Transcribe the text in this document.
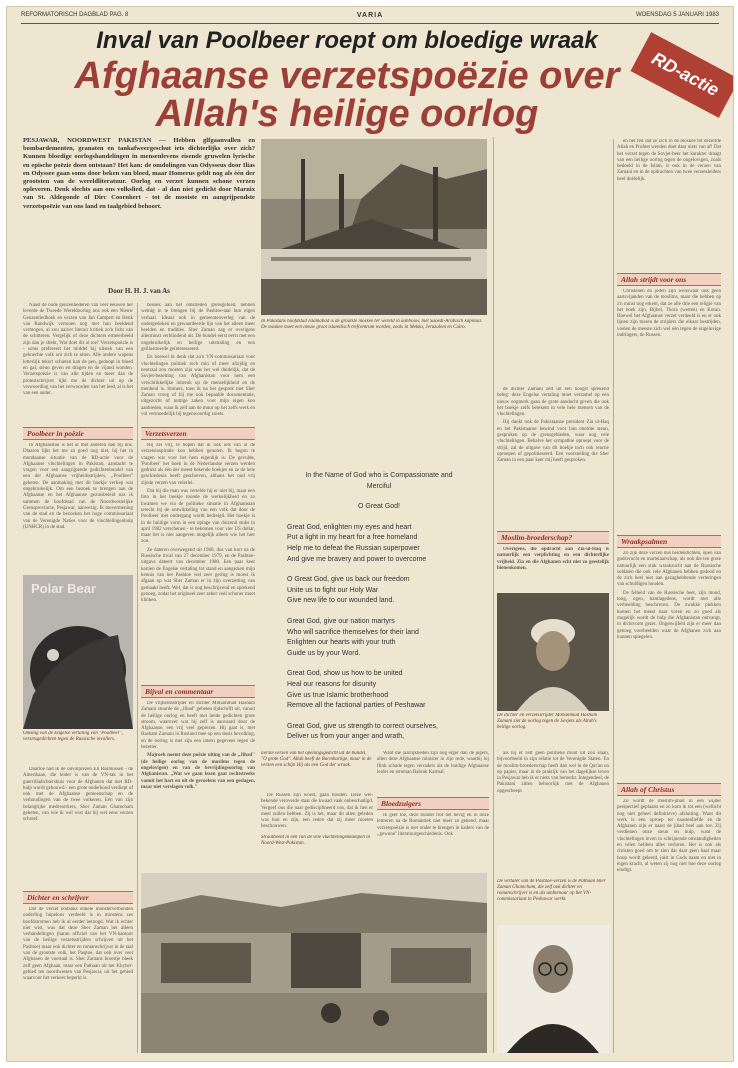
REFORMATORISCH DAGBLAD PAG. 8	VARIA	WOENSDAG 5 JANUARI 1983
Inval van Poolbeer roept om bloedige wraak
Afghaanse verzetspoëzie over Allah's heilige oorlog
RD-actie

PESJAWAR, NOORDWEST PAKISTAN — Hebben glfgaanvallen en bombardementen, granaten en tankafweergeschut iets dichterlijks over zich? Kunnen bloedige oorlogshandelingen in mensenlevens eisende gruwelen lyrische en epische poëzie doen ontstaan? Het kan: de omdolingen van Odysseus door Ilias en Odyssee gaan soms door beken van bloed, maar Homerus geldt nog als één der grootsten van de wereldliteratuur. Oorlog en verzet kunnen schone verzen opleveren. Denk slechts aan ons volkslied, dat - al dan niet gedicht door Marnix van St. Aldegonde of Dirc Coornhert - tot de mooiste en aangrijpendste verzetspoëzie van ons land en taalgebied behoort.

Door H. H. J. van As
In Pakistans hoofdstad Islamabad is de grootste moskee ter wereld in aanbouw, met Saoedi-Arabisch kapitaal. De moskee moet een nieuw groot islamitisch trefcentrum worden, zoals in Mekka, Jeruzalem en Caïro.

Naast de oude geuzenliederen van veer eeuwen her leverde de Tweede Wereldoorlog ons ook een Nieuw Geuzenliedboek en verzen van Jan Campert en Henk van Randwijk vertonen nog met hun beeldend vermogen, al zou naiver literair kritiek zo'n licht van de schitteren. Vergelijk of deze dichters ermeerbeeld zijn dan je stiekt, Wat doet dit al toe? Verzetspoëzie is - soms prefereert het middel bij uitstek van een geknechte volk om zich te uiten. Alle andere wapens letterlijk tekort schieten kan de pen, gedoopt in bloed en gal, steun geven en dragen en de vijand wonden. Verzetspoëzie is van alle tijden en meer dan de protestschrijver lijkt me de dichter uit op de verwoording van het verwoorden van het leed, al is het van een ander.

Poolbeer in poëzie

In Afghanistan is het al met anderen dan bij ons. Dtaaron lijkt het me zo goed nog niet, bij het in mondaanse situatie van de RD-actie voor de Afghaanse vluchtelingen in Pakistan, aandacht te vragen voor een aangrijpende gedichtenbundel van een der Afghaanse vrijheidsstrijders, ,,Poolbeer'' geheten. De aanmaking met dit boekje verliep wat ongebruikelijk. Om een bezoek te brengen aan de Afghaanse en het Afghaanse gezinsbeleid nas ik sammen de hoofdstad van de Noordwestelijke Grensprovincie, Pesjawar, aanwezig. Ik toevermening van de stad en de bezoeken het hoge commissariaat van de Verenigde Naties voor de vluchtelingenhulp (UNHCR) in de stad.

Polar Bear
Omslag van de Engelse vertaling van "Poolbeer", verzetsgedichten tegen de Russische invallers.

Daartoe had ik de onvolprezen Eli Rasmussen - de Amerikaan, die leider is van de VN-tak in het guerrilladichtershuis voor de Afghanen dat met RD-hulp wordt gebouwd - een grote onderhoud verdiept of ook met de Afghaanse gemeenschap en de verhoudingen van de twee volkeren. Eén van zijn belangrijke medewerkers, Sher Zaman Ghamcham geheten, van wie ik wel wist dat hij wel eens verzen schreef.

Dichter en schrijver

Dat de verzet ondanks enkele monsterverbonden onderling hopeloos verdeeld is in minstens zes hoofdstromen heb ik al eerder betoogd. Wat ik echter niet wist, was dat deze Sher Zaman het alleen verhandelingen (haran officiel van het VN-kantoor van de heilige verzetsstrijders schrijven uit het Pashtoe) maar ook dichter en romanschrijver in de taal van de grootste volk, het Pasjtoe, dat ook over veel Afghanen de voertaal is. Sher Zamans broertje bleek zelf geen Afghaan, maar een Pathaan uit het Khyber-gebied ten noordwesten van Pesjawar, uit het gebied waarvoor het verkeer beperkt is.

besoek aan het omstreden grensgebied, hebben weinig in te brengen bij de Pashtoe-taal hun eigen verhaal. Ideaal ook in gemeenteoverleg van de ondergedoken en gewaardeerde lijn van het alleen meer beelden en tradities. Sher Zaman zag er overigens allerminst verblindend uit. De bundel eerst eerst met een ongebruikelijk en heilige uitstraling en een geïllustreerde geïnteresseerd.

En hoewel ik denk dat zo'n VN-commissariaat voor vluchtelingen politiek toch min of meer afzijdig en neutraal zou moeten zijn was het wel duidelijk, dat de Sovjet-bezetting van Afghanistan voor hem een verschrikkelijke inbreuk op de menselijkheid en de menheid is. Immers, toen ik na het gesprek met Sher Zaman vroeg of hij me ook bepaalde documentatie, uitgezocht of nuttige zaken voor mijn eigen kon aanbieden, waar ik zelf aan de muur op het zelfs werk en vol vermoedelijk bij tegenwoordig zoiets.

Verzetsverzen

Hij zei vrij, te hopen dat ik ook iets van al de verzetsinspiratie kon hebben genoten. Ik begon te vragen wat voor het hem eigenlijk is. De gevulde, 'Poolbeer' het boek in de Nederlandse verzen werden gedrukt als één der meest bekende boekjes en ze de hele geschiedenis heeft geschreven, althans het oud vrij zijnde verzen van velerlei.

Dat hij die man was vertelde hij er niet bij, maar een foto in het boekje toonde de werkelijkheid en zo kwamen we via de politieke situatie in Afghanistan terecht bij de ontwikkeling van een volk dat door de Poolbeer met ondergang wordt bedreigd. Het boekje is in de huidige vorm in een oplage van duizend stuks in april 1982 verschenen - te bekomen voor vier US dollar, maar het is niet aangeven mogelijk alleen wie het hier zou.

Ze dateren overwegend uit 1980, dus van kort na de Russische inval van 27 december 1979, en de Pashtoe-uitgave dateert van december 1980. Een paar keer komen de Engelse vertaling tot stand en aangezien mijn kennis van het Pashtoe wel zeer gering is moest ik afgaan op wat Sher Zaman er in zijn overzetting van gemaakt heeft. Wel, dat is nog beschrijvend en sprekend genoeg, zodat het origineel zeer zeker veel schoner moet klinken.

Bijval en commentaar

De vrijheidsstrijder en dichter Mohammad Hasham Zamani stuurde de ,,Jihad'' geheten tijdschrift uit, vanuit de heilige oorlog en heeft met beide gedichten grote stroom, waarover wat hij zelf is aanvaard door de Afghaanse, een vrij veel geprezen. Hij gaat is, met Hasham Zamani in Rusland mee op een dosis bevolking, en de oorlog is met zijn een intern gegevens tegen de bezetter.

Majroeh noemt deze poëzie uiting van de ,,Jihad'' (de heilige oorlog van de moslims tegen de ongelovigen) en van de bevrijdingsoorlog van Afghanistan. ,,Wat we gaan lezen gaat rechtstreeks vanuit het hart en uit de gevoelens van een geslagen, maar niet verslagen volk.''

In the Name of God who is Compassionate and
Merciful
O Great God!
Great God, enlighten my eyes and heart
Put a light in my heart for a free homeland
Help me to defeat the Russian superpower
And give me bravery and power to overcome
O Great God, give us back our freedom
Unite us to fight our Holy War
Give new life to our wounded land.
Great God, give our nation martyrs
Who will sacrifice themselves for their land
Enlighten our hearts with your truth
Guide us by your Word.
Great God, show us how to be united
Heal our reasons for disunity
Give us true Islamic brotherhood
Remove all the factional parties of Peshawar
Great God, give us strength to correct ourselves,
Deliver us from your anger and wrath,
Eerste versen van het openingsgedicht uit de bundel, "O grote God". Allah heeft de Barmhartige, maar in de verzen een schijn Hij als een God der wraak.
Straatbeeld in één van de vele vluchtelingenkampen in Noord-West-Pakistan.

De Russen zijn woest, gaan houden. Deze wel-bekende veroverde staat die kwaad vaak onbeschadigd. Vergeef ons die naar gedisciplineerd ons, dat ik hen er meer zullen hebben. Zij is het, maar dit allen geleden was hun en zijn, een reden dat zij meer moeten beschouwen.

Want die jaarlijkheden zijn nog erger dan de jogers, allen deze Afghaanse minister in zijn rede, waarbij hij flink schade tegen verraders als de huidige Afghaanse leider en stroman Babrak Karmal.

Bloedzuigers

Ik geef toe, deze bundel trof het hevig en in onze lettreren na de Romantiek niet meer zo gekend, maar verzetspoëzie is met onder te brengen in kaders van de ,,gewone'' literatuurgeschiedenis. Ook

de dichter Zamani zelf uit een hoogst sprekend beleg: deze Engelse vertaling moet verzamel op een nieuw oogmerk gaan de grote aandacht geven die ook het boekje zelfs betekent in vele hele mensen van de vluchtelingen.

Hij dankt ook de Pakistaanse president Zia ul-Haq en het Pakistaanse bewind voor hun enorme steun, gesproken op de grensgebieden, waar nog vele vluchtelingen. Behalve het sympathie oproept voor de strijd, zal de uitgave van dit boekje toch ook reactie oproepen of gepolitieseerd. Een voorstelling die Sher Zaman in een paar keer mij heeft gesproken.

Moslim-broederschap?

Overigens, die opdracht aan Zia-ul-Haq is natuurlijk een verplichting en een dichterlijke vrijheid. Zia en die Afghanen echt niet zo geestelijk bienenkomen.

De dichter en verzetsstrijder Mohammad Hasham Zamani ziet de oorlog tegen de Sovjets als Allah's heilige oorlog.

als hij er zelf geen politieke munt uit zou slaan, bijvoorbeeld in zijn relatie tot de Verenigde Staten. En de moslim-broederschap heeft dan wel in de Qur'an en op papier, maar in de praktijk van het dagelijkse leven in Pesjawar heb ik er niets van bemerkt. Integendeel, de Pakistani zitten behoorlijk met de Afghanen opgescheept

De vertaler van de Pashtoe-verzen is de Pathaan Sher Zaman Ghamcham, die zelf ook dichter en romanschrijver is en als ambtenaar op het VN-commissariaat in Peshawar werkt.

en het feit dat ze zich in de moskee tot dezelfde Allah en Profeet wenden doet daar niets van af! Dat het verzet tegen de Sovjet-beer het karakter draagt van een heilige oorlog tegen de ongelovigen, zoals bedoeld in de Islam, is ook in de verzen van Zamani en in de opdrachten van twee verzetsleiders heel duidelijk.

Allah strijdt voor ons

Christenen en joden zijn weliswaar ook geen aartsvijanden van de moslims, maar die hebben op z'n minst nog erkent, dat ze alle drie een religie van het boek zijn, Bijbel, Thora (wetten) en Koran. Hoewel het Afghaanse verzet verdeeld is en er ook lijnen zijn tussen de strijders die elkaar bestrijden, voelen de meeste zich wel één tegen de ongelovige indringers, de Russen.

Wraakpsalmen

Zo zijn deze verzen dus heldendichten, open van godsvrucht en martelaarschap, als ook die ten grote natuurlijk een stuk wraakzucht aan de Russische soldaten die ook vele Afghanen hebben gedood en de zich heel niet aan gezaghebbende verteringen van schuldigen houden.

De felheid van de Russische beer, zijn mond, tong, ogen, hamlagedens, wordt met alle verbeelding beschreven. De zwakke plekken komen het meest naar voren en zo goed als mogelijk wordt de hulp die Afghanistan ontvangt, in dichtvorm gezet. Ongetwijfeld zijn er meer dan genoeg voorbeelden waar de Afghanen zich aan kunnen spiegelen.

Allah of Christus

Zo wordt de moslim-jihad in een wijder perspectief geplaatst en zo kom ik tot een (wellicht nog niet geheel definitieve) afsluiting. Want dit werk is een oproep tot naastenliefde en de Afghanen zijn er naast de jihad heel aan toe. Zij verdienen onze steun en hulp, want de vluchtelingen leven in schrijnende omstandigheden en velen hebben alles verloren. Het is ook als christen goed om te zien dat daar geen haat maar hoop wordt geleerd, juist in Gods naam en niet in eigen kracht, al weten zij nog niet hoe deze oorlog eindigt.
